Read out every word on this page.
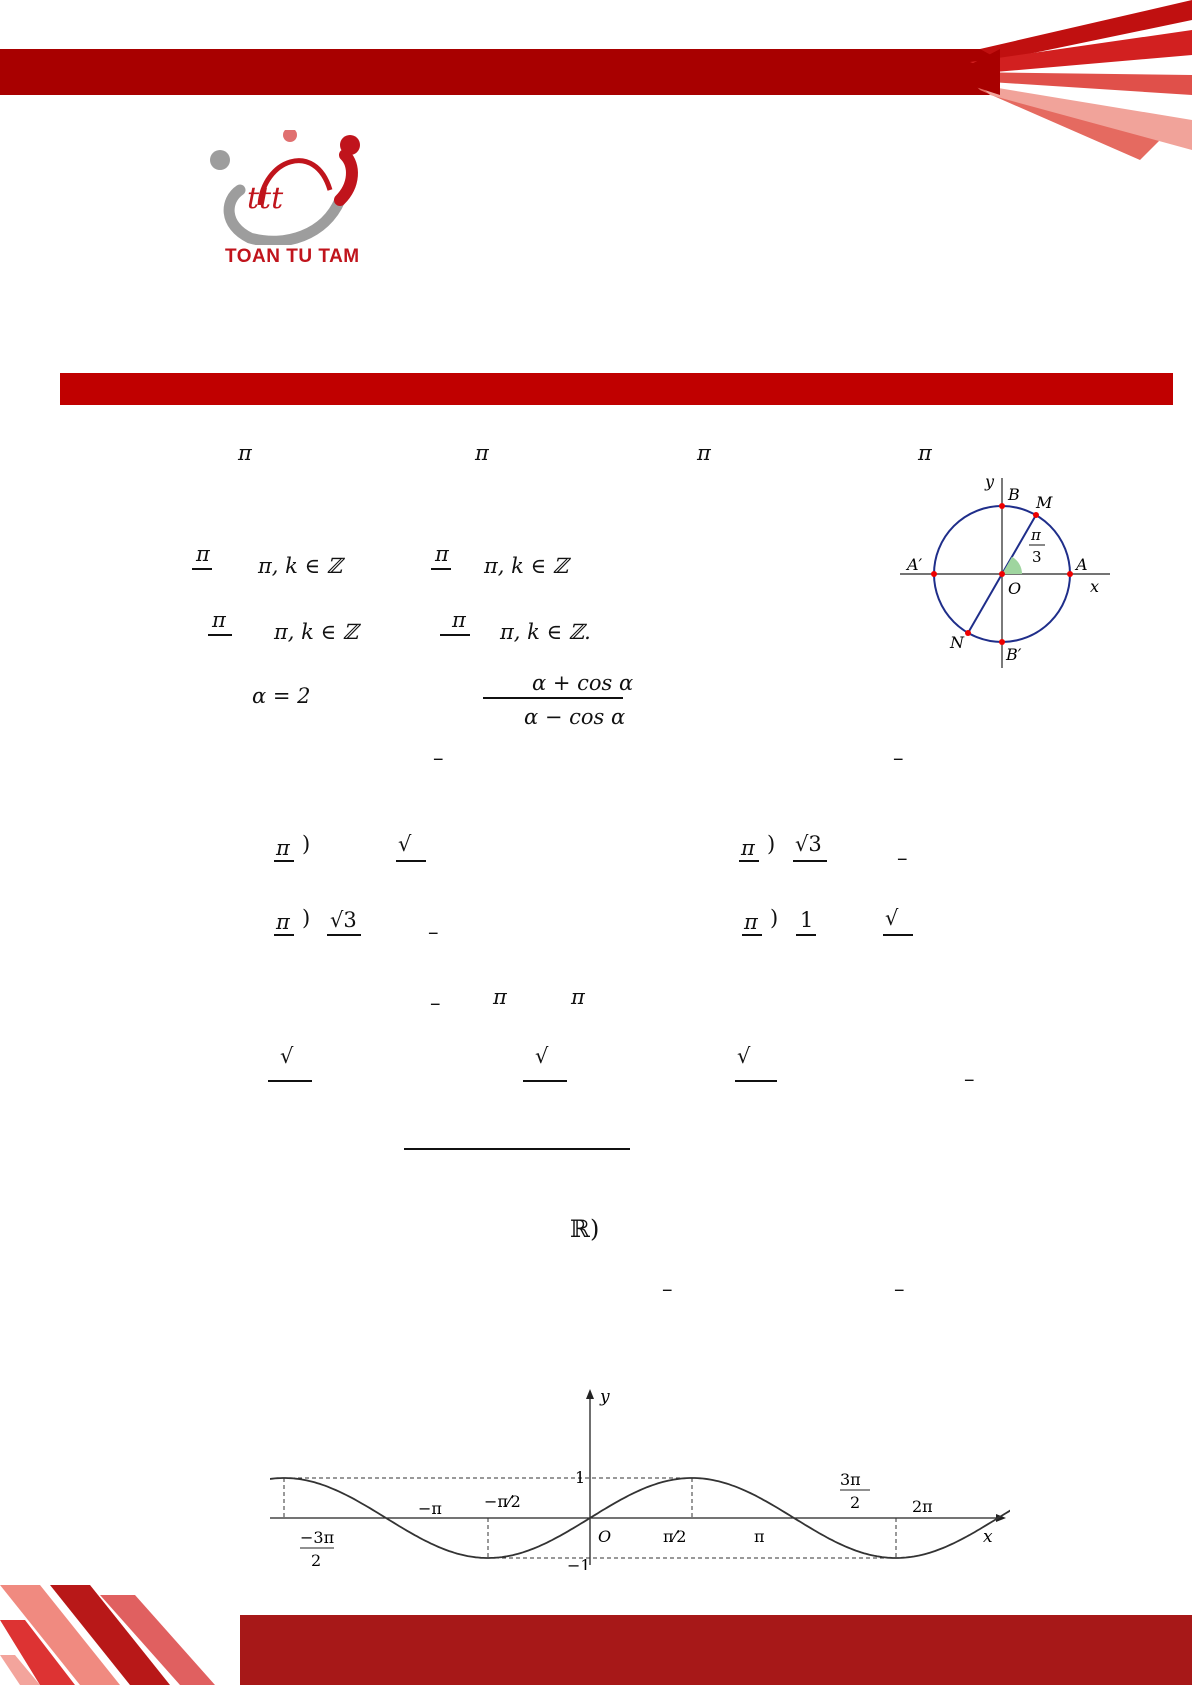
ttt
TOAN TU TAM
π	π	π	π
π π, k ∈ ℤ	π π, k ∈ ℤ
π π, k ∈ ℤ	π π, k ∈ ℤ.
α = 2
α + cos α
α − cos α
–	–
π )	√	π ) √3
–
π ) √3	–	π ) 1	√
–	π	π
√	√	√
–
ℝ)
–	–
y
x
B M
A′	A
O
N
B′
π
3
y
x
1
−1
O
−π	−π⁄2
π⁄2	π
2π
−3π
2
3π
2
